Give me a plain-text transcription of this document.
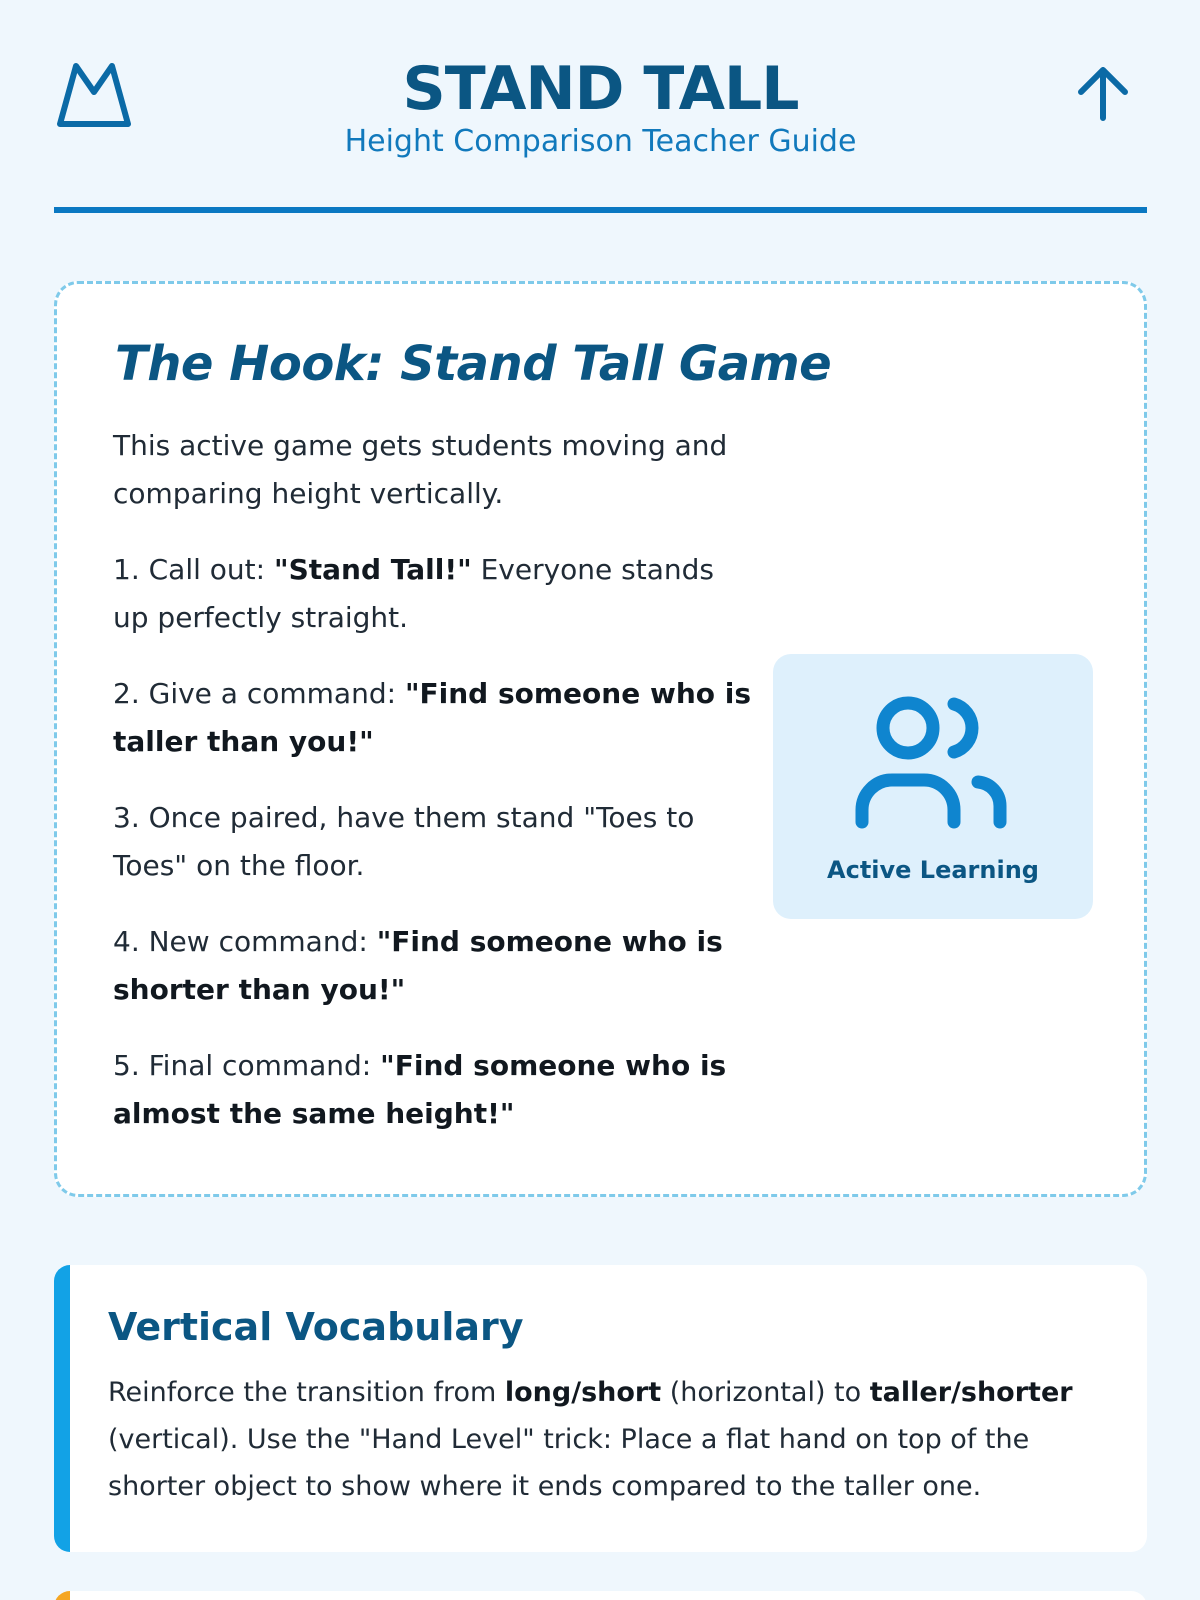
STAND TALL
Height Comparison Teacher Guide
The Hook: Stand Tall Game

This active game gets students moving and comparing height vertically.

1. Call out: "Stand Tall!" Everyone stands up perfectly straight.

2. Give a command: "Find someone who is taller than you!"

3. Once paired, have them stand "Toes to Toes" on the floor.

4. New command: "Find someone who is shorter than you!"

5. Final command: "Find someone who is almost the same height!"

Active Learning
Vertical Vocabulary
Reinforce the transition from long/short (horizontal) to taller/shorter (vertical). Use the "Hand Level" trick: Place a flat hand on top of the shorter object to show where it ends compared to the taller one.
